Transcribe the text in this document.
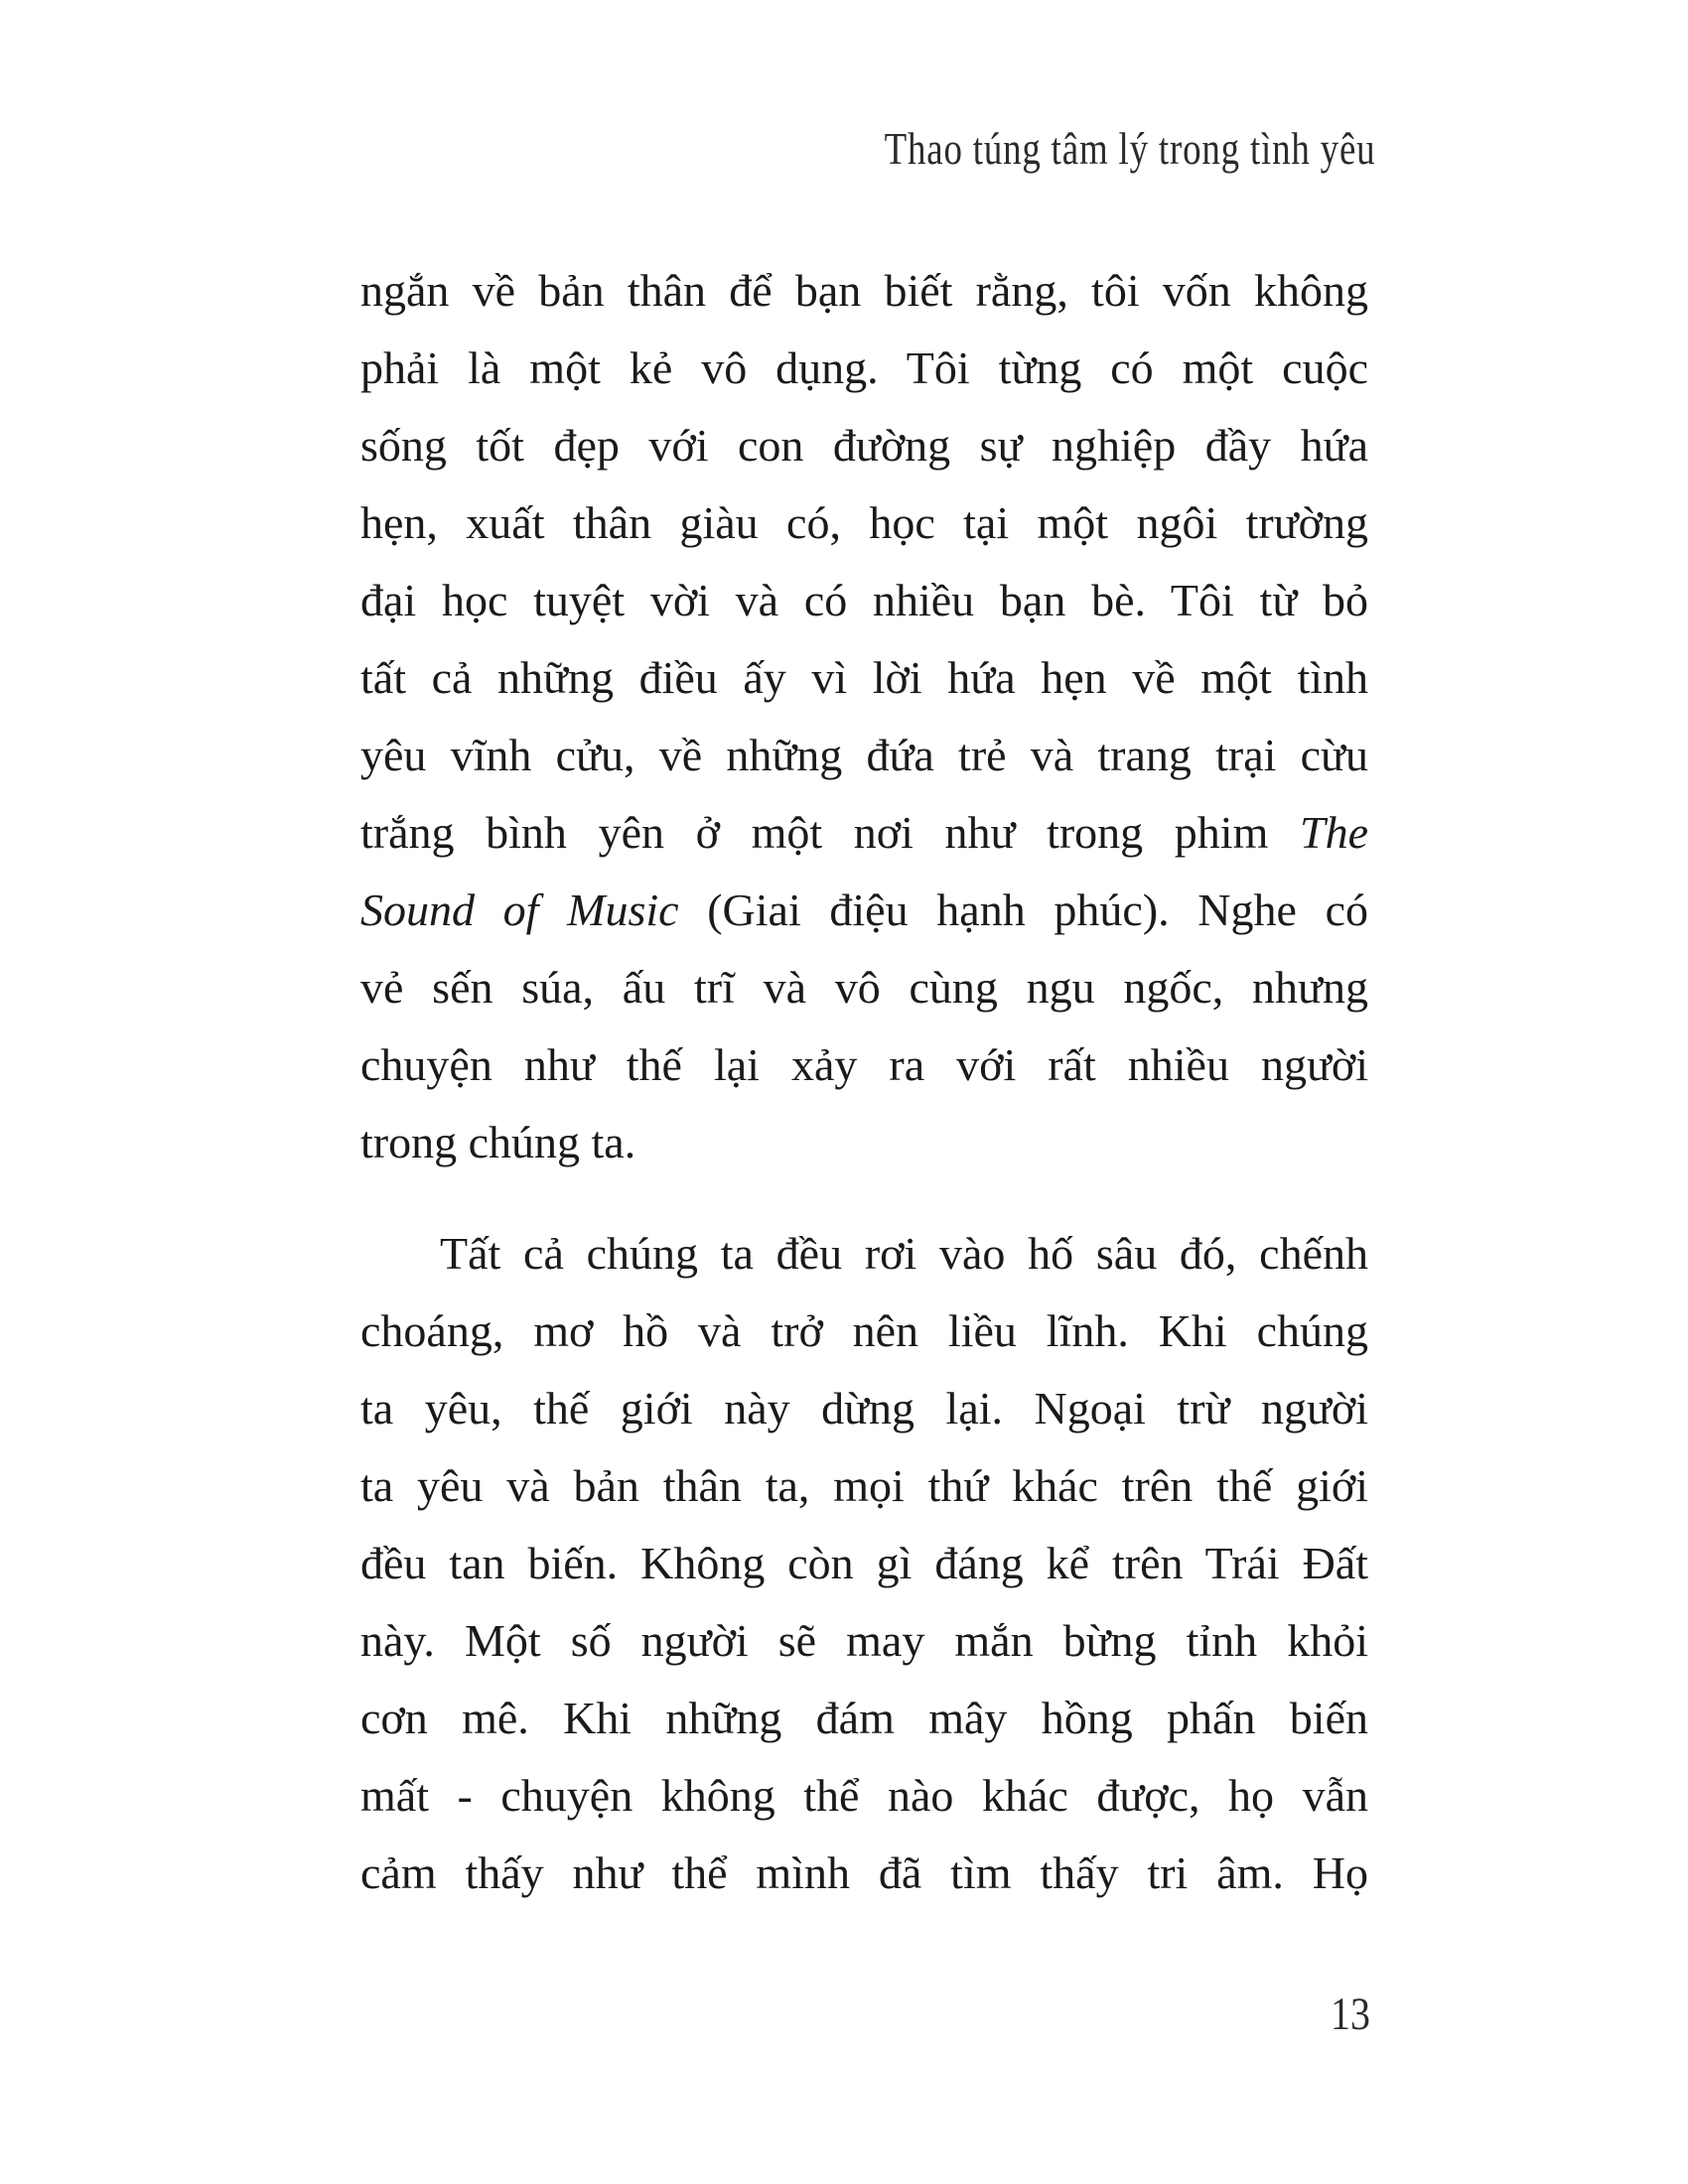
Thao túng tâm lý trong tình yêu
ngắn về bản thân để bạn biết rằng, tôi vốn không
phải là một kẻ vô dụng. Tôi từng có một cuộc
sống tốt đẹp với con đường sự nghiệp đầy hứa
hẹn, xuất thân giàu có, học tại một ngôi trường
đại học tuyệt vời và có nhiều bạn bè. Tôi từ bỏ
tất cả những điều ấy vì lời hứa hẹn về một tình
yêu vĩnh cửu, về những đứa trẻ và trang trại cừu
trắng bình yên ở một nơi như trong phim The
Sound of Music (Giai điệu hạnh phúc). Nghe có
vẻ sến súa, ấu trĩ và vô cùng ngu ngốc, nhưng
chuyện như thế lại xảy ra với rất nhiều người
trong chúng ta.
Tất cả chúng ta đều rơi vào hố sâu đó, chếnh
choáng, mơ hồ và trở nên liều lĩnh. Khi chúng
ta yêu, thế giới này dừng lại. Ngoại trừ người
ta yêu và bản thân ta, mọi thứ khác trên thế giới
đều tan biến. Không còn gì đáng kể trên Trái Đất
này. Một số người sẽ may mắn bừng tỉnh khỏi
cơn mê. Khi những đám mây hồng phấn biến
mất - chuyện không thể nào khác được, họ vẫn
cảm thấy như thể mình đã tìm thấy tri âm. Họ
13
